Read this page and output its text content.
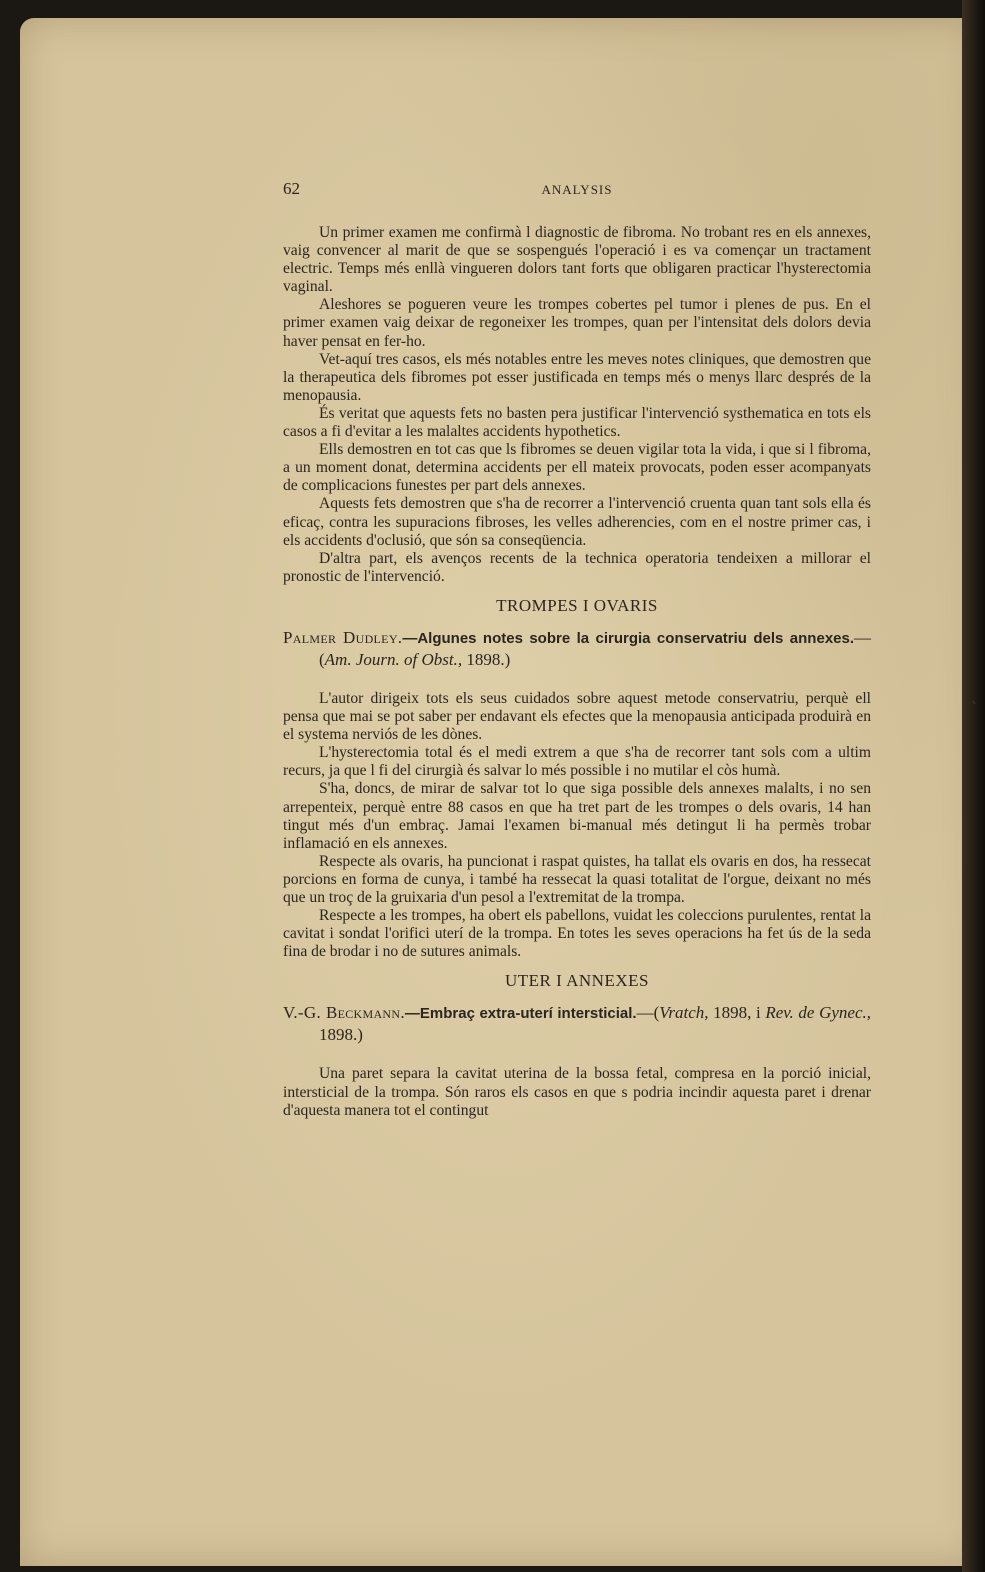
˛
62	ANALYSIS

Un primer examen me confirmà l diagnostic de fibroma. No trobant res en els annexes, vaig convencer al marit de que se sospengués l'operació i es va començar un tractament electric. Temps més enllà vingueren dolors tant forts que obligaren practicar l'hysterectomia vaginal.

Aleshores se pogueren veure les trompes cobertes pel tumor i plenes de pus. En el primer examen vaig deixar de regoneixer les trompes, quan per l'intensitat dels dolors devia haver pensat en fer-ho.

Vet-aquí tres casos, els més notables entre les meves notes cliniques, que demostren que la therapeutica dels fibromes pot esser justificada en temps més o menys llarc després de la menopausia.

És veritat que aquests fets no basten pera justificar l'intervenció systhematica en tots els casos a fi d'evitar a les malaltes accidents hypothetics.

Ells demostren en tot cas que ls fibromes se deuen vigilar tota la vida, i que si l fibroma, a un moment donat, determina accidents per ell mateix provocats, poden esser acompanyats de complicacions funestes per part dels annexes.

Aquests fets demostren que s'ha de recorrer a l'intervenció cruenta quan tant sols ella és eficaç, contra les supuracions fibroses, les velles adherencies, com en el nostre primer cas, i els accidents d'oclusió, que són sa conseqüencia.

D'altra part, els avenços recents de la technica operatoria tendeixen a millorar el pronostic de l'intervenció.

TROMPES I OVARIS
Palmer Dudley.—Algunes notes sobre la cirurgia conservatriu dels annexes.—(Am. Journ. of Obst., 1898.)

L'autor dirigeix tots els seus cuidados sobre aquest metode conservatriu, perquè ell pensa que mai se pot saber per endavant els efectes que la menopausia anticipada produirà en el systema nerviós de les dònes.

L'hysterectomia total és el medi extrem a que s'ha de recorrer tant sols com a ultim recurs, ja que l fi del cirurgià és salvar lo més possible i no mutilar el còs humà.

S'ha, doncs, de mirar de salvar tot lo que siga possible dels annexes malalts, i no sen arrepenteix, perquè entre 88 casos en que ha tret part de les trompes o dels ovaris, 14 han tingut més d'un embraç. Jamai l'examen bi-manual més detingut li ha permès trobar inflamació en els annexes.

Respecte als ovaris, ha puncionat i raspat quistes, ha tallat els ovaris en dos, ha ressecat porcions en forma de cunya, i també ha ressecat la quasi totalitat de l'orgue, deixant no més que un troç de la gruixaria d'un pesol a l'extremitat de la trompa.

Respecte a les trompes, ha obert els pabellons, vuidat les coleccions purulentes, rentat la cavitat i sondat l'orifici uterí de la trompa. En totes les seves operacions ha fet ús de la seda fina de brodar i no de sutures animals.

UTER I ANNEXES
V.-G. Beckmann.—Embraç extra-uterí intersticial.—(Vratch, 1898, i Rev. de Gynec., 1898.)

Una paret separa la cavitat uterina de la bossa fetal, compresa en la porció inicial, intersticial de la trompa. Són raros els casos en que s podria incindir aquesta paret i drenar d'aquesta manera tot el contingut
